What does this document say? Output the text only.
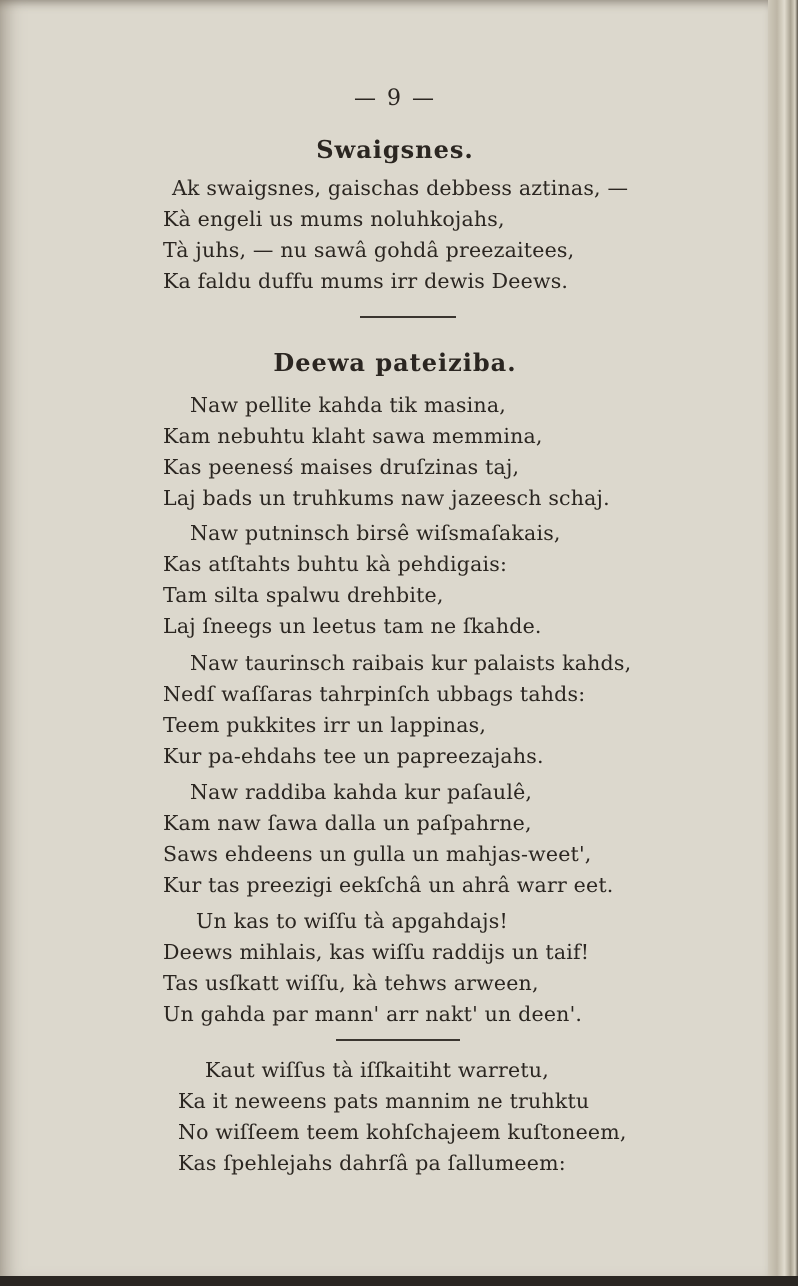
— 9 —
Swaigsnes.
Ak swaigsnes, gaischas debbess aztinas, —
Kà engeli us mums noluhkojahs,
Tà juhs, — nu sawâ gohdâ preezaitees,
Ka faldu duffu mums irr dewis Deews.
Deewa pateiziba.
Naw pellite kahda tik masina,
Kam nebuhtu klaht sawa memmina,
Kas peenesś maises druſzinas taj,
Laj bads un truhkums naw jazeesch schaj.
Naw putninsch birsê wiſsmaſakais,
Kas atſtahts buhtu kà pehdigais:
Tam silta spalwu drehbite,
Laj ſneegs un leetus tam ne ſkahde.
Naw taurinsch raibais kur palaists kahds,
Nedſ waſſaras tahrpinſch ubbags tahds:
Teem pukkites irr un lappinas,
Kur pa-ehdahs tee un papreezajahs.
Naw raddiba kahda kur paſaulê,
Kam naw ſawa dalla un paſpahrne,
Saws ehdeens un gulla un mahjas-weet',
Kur tas preezigi eekſchâ un ahrâ warr eet.
Un kas to wiſſu tà apgahdajs!
Deews mihlais, kas wiſſu raddijs un taif!
Tas usſkatt wiſſu, kà tehws arween,
Un gahda par mann' arr nakt' un deen'.
Kaut wiſſus tà iſſkaitiht warretu,
Ka it neweens pats mannim ne truhktu
No wiſſeem teem kohſchajeem kuſtoneem,
Kas ſpehlejahs dahrſâ pa ſallumeem:
